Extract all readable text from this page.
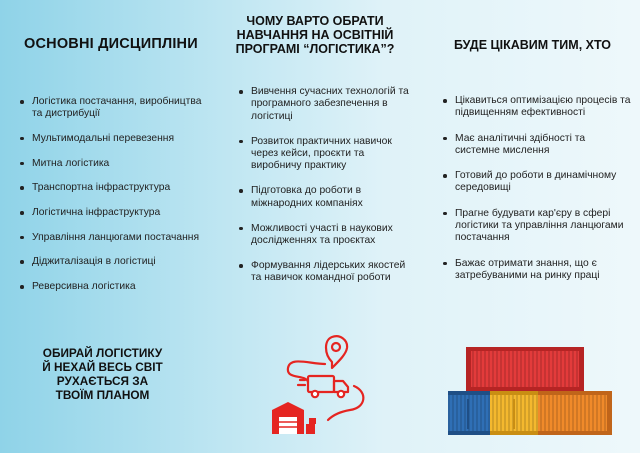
ОСНОВНІ ДИСЦИПЛІНИ
Логістика постачання, виробництва та дистрибуції
Мультимодальні перевезення
Митна логістика
Транспортна інфраструктура
Логістична інфраструктура
Управління ланцюгами постачання
Діджиталізація в логістиці
Реверсивна логістика
ОБИРАЙ ЛОГІСТИКУ Й НЕХАЙ ВЕСЬ СВІТ РУХАЄТЬСЯ ЗА ТВОЇМ ПЛАНОМ
ЧОМУ ВАРТО ОБРАТИ НАВЧАННЯ НА ОСВІТНІЙ ПРОГРАМІ “ЛОГІСТИКА”?
Вивчення сучасних технологій та програмного забезпечення в логістиці
Розвиток практичних навичок через кейси, проєкти та виробничу практику
Підготовка до роботи в міжнародних компаніях
Можливості участі в наукових дослідженнях та проєктах
Формування лідерських якостей та навичок командної роботи
БУДЕ ЦІКАВИМ ТИМ, ХТО
Цікавиться оптимізацією процесів та підвищенням ефективності
Має аналітичні здібності та системне мислення
Готовий до роботи в динамічному середовищі
Прагне будувати кар'єру в сфері логістики та управління ланцюгами постачання
Бажає отримати знання, що є затребуваними на ринку праці
